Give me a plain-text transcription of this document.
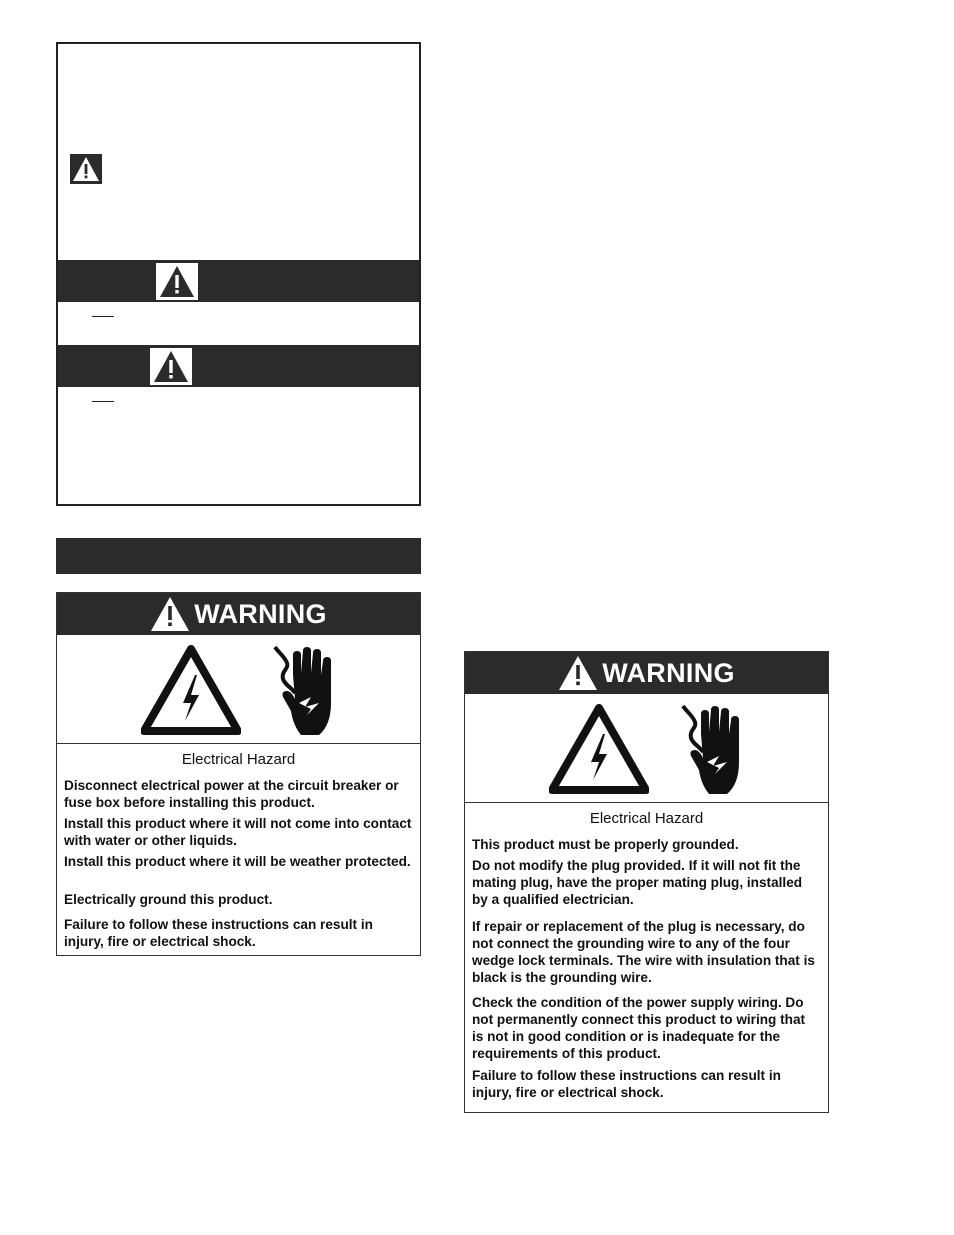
WARNING
Electrical Hazard

Disconnect electrical power at the circuit breaker or fuse box before installing this product.

Install this product where it will not come into contact with water or other liquids.

Install this product where it will be weather protected.

Electrically ground this product.

Failure to follow these instructions can result in injury, fire or electrical shock.

WARNING
Electrical Hazard

This product must be properly grounded.

Do not modify the plug provided. If it will not fit the mating plug, have the proper mating plug, installed by a qualified electrician.

If repair or replacement of the plug is necessary, do not connect the grounding wire to any of the four wedge lock terminals. The wire with insulation that is black is the grounding wire.

Check the condition of the power supply wiring. Do not permanently connect this product to wiring that is not in good condition or is inadequate for the requirements of this product.

Failure to follow these instructions can result in injury, fire or electrical shock.
